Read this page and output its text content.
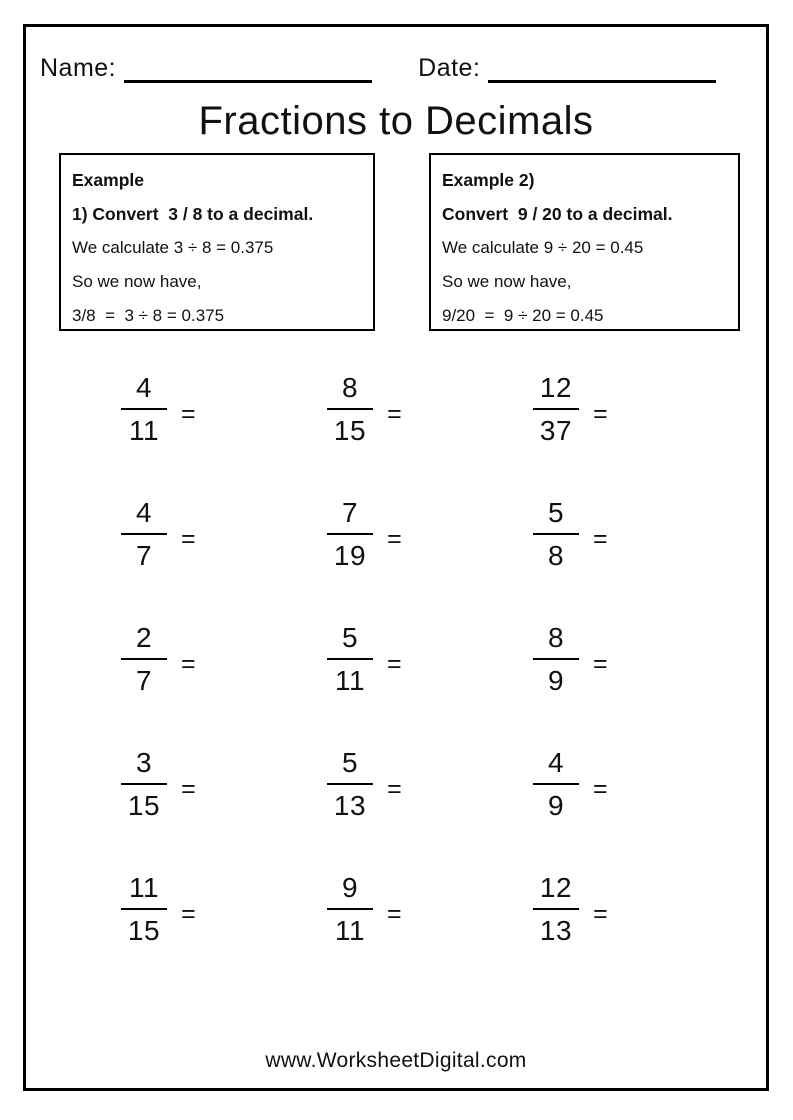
Name:	Date:
Fractions to Decimals

Example

1) Convert  3 / 8 to a decimal.

We calculate 3 ÷ 8 = 0.375

So we now have,

3/8  =  3 ÷ 8 = 0.375

Example 2)

Convert  9 / 20 to a decimal.

We calculate 9 ÷ 20 = 0.45

So we now have,

9/20  =  9 ÷ 20 = 0.45

$\frac{4}{11}$ =	$\frac{8}{15}$ =	$\frac{12}{37}$ =
$\frac{4}{7}$ =	$\frac{7}{19}$ =	$\frac{5}{8}$ =
$\frac{2}{7}$ =	$\frac{5}{11}$ =	$\frac{8}{9}$ =
$\frac{3}{15}$ =	$\frac{5}{13}$ =	$\frac{4}{9}$ =
$\frac{11}{15}$ =	$\frac{9}{11}$ =	$\frac{12}{13}$ =
www.WorksheetDigital.com
